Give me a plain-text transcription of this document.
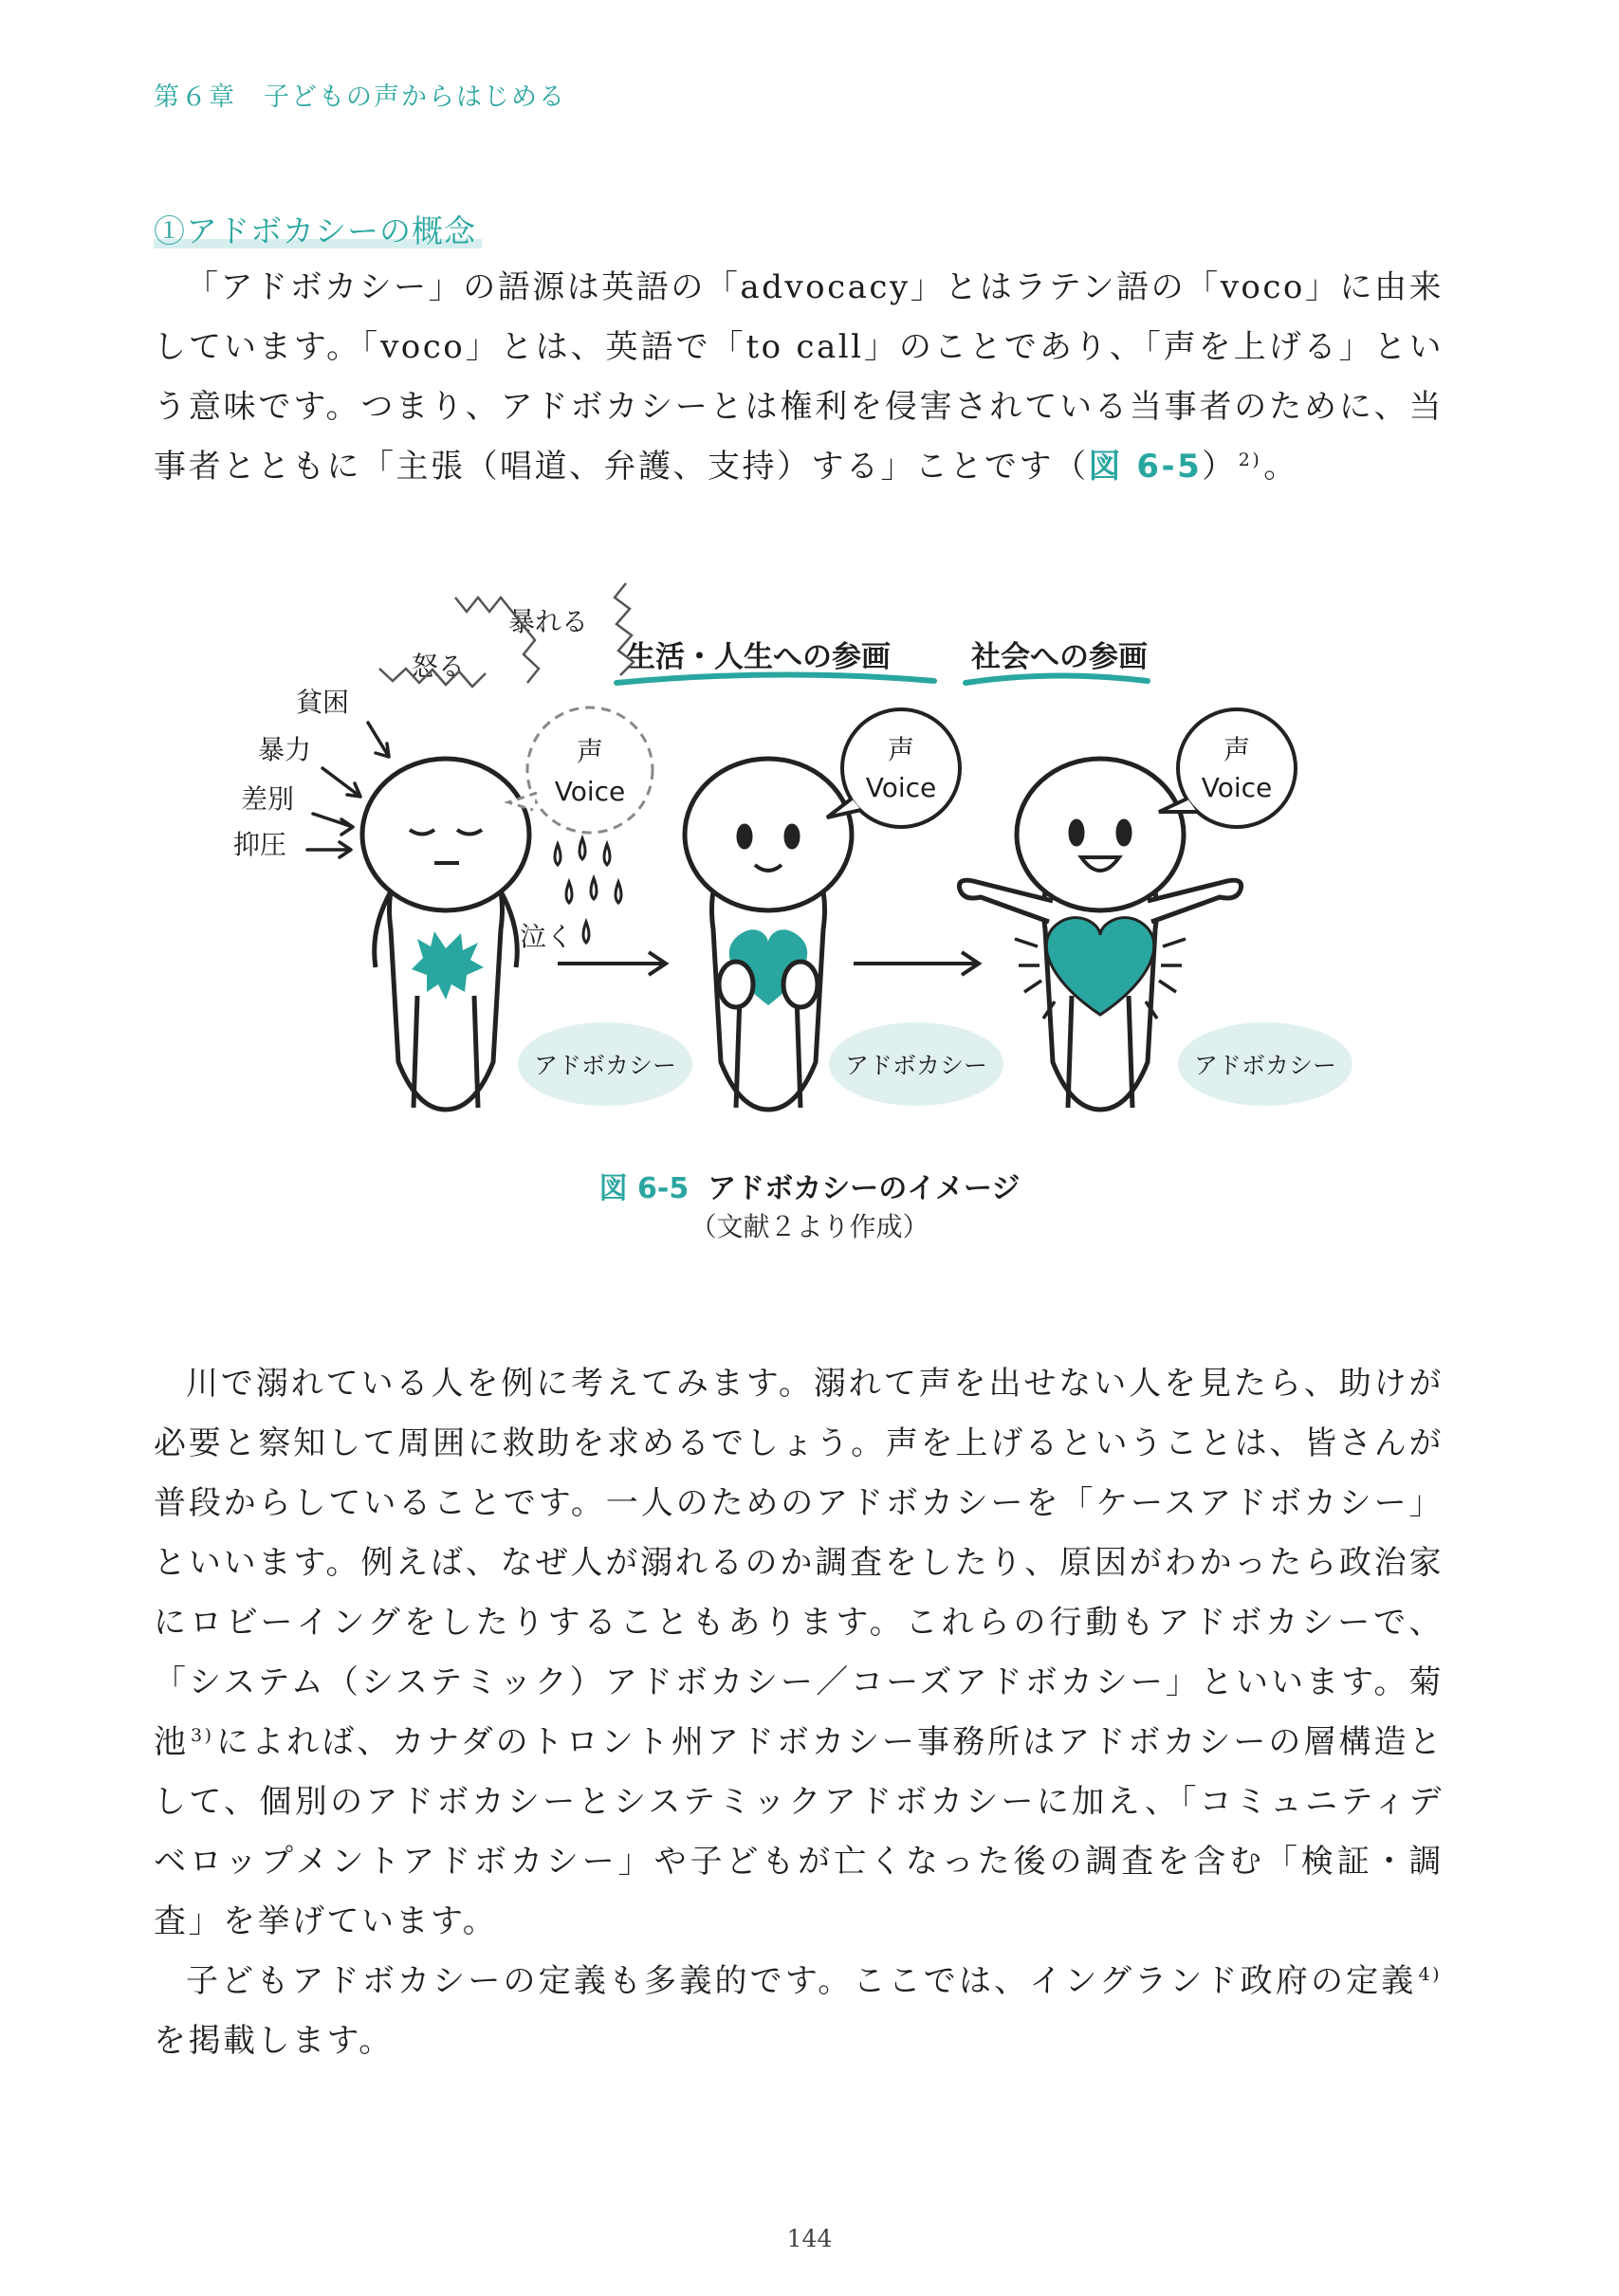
第６章　子どもの声からはじめる
①アドボカシーの概念

「アドボカシー」の語源は英語の「advocacy」とはラテン語の「voco」に由来しています。「voco」とは、英語で「to call」のことであり、「声を上げる」という意味です。つまり、アドボカシーとは権利を侵害されている当事者のために、当事者とともに「主張（唱道、弁護、支持）する」ことです（図 6-5） $^{2)}$。

生活・人生への参画	社会への参画
暴れる
怒る
貧困
暴力
差別
抑圧
声
Voice
泣く
声
Voice
声
Voice
アドボカシー	アドボカシー	アドボカシー

図 6-5 アドボカシーのイメージ

（文献２より作成）

川で溺れている人を例に考えてみます。溺れて声を出せない人を見たら、助けが必要と察知して周囲に救助を求めるでしょう。声を上げるということは、皆さんが普段からしていることです。一人のためのアドボカシーを「ケースアドボカシー」といいます。例えば、なぜ人が溺れるのか調査をしたり、原因がわかったら政治家にロビーイングをしたりすることもあります。これらの行動もアドボカシーで、「システム（システミック）アドボカシー／コーズアドボカシー」といいます。菊池 $^{3)}$によれば、カナダのトロント州アドボカシー事務所はアドボカシーの層構造として、個別のアドボカシーとシステミックアドボカシーに加え、「コミュニティデベロップメントアドボカシー」や子どもが亡くなった後の調査を含む「検証・調査」を挙げています。

子どもアドボカシーの定義も多義的です。ここでは、イングランド政府の定義 $^{4)}$を掲載します。

144
